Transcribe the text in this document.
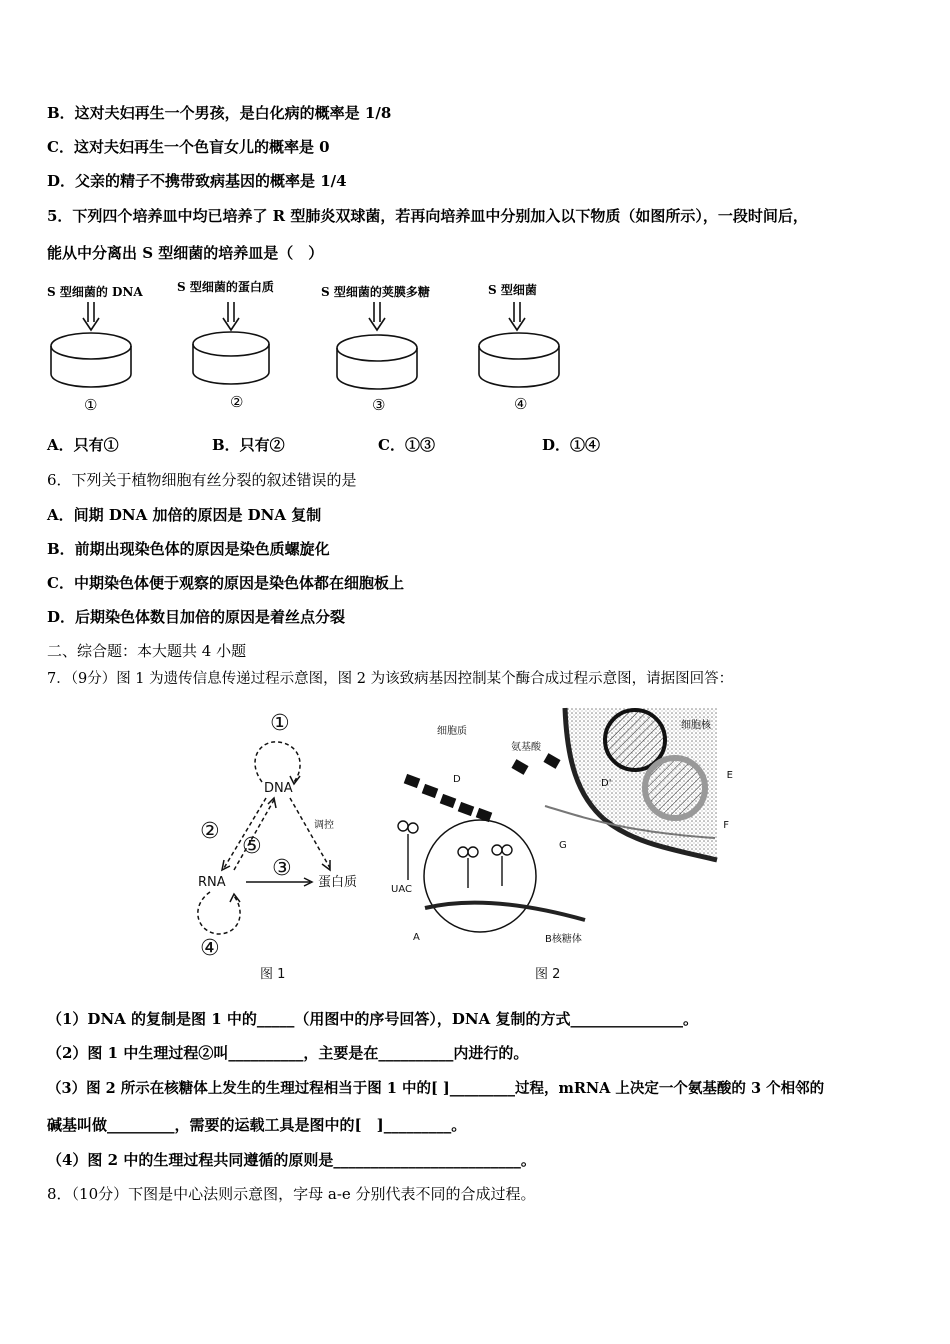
B．这对夫妇再生一个男孩，是白化病的概率是 1/8
C．这对夫妇再生一个色盲女儿的概率是 0
D．父亲的精子不携带致病基因的概率是 1/4
5．下列四个培养皿中均已培养了 R 型肺炎双球菌，若再向培养皿中分别加入以下物质（如图所示），一段时间后，
能从中分离出 S 型细菌的培养皿是（　）
S 型细菌的 DNA	S 型细菌的蛋白质	S 型细菌的荚膜多糖	S 型细菌
①	②	③	④
A．只有①	B．只有②	C．①③	D．①④
6．下列关于植物细胞有丝分裂的叙述错误的是
A．间期 DNA 加倍的原因是 DNA 复制
B．前期出现染色体的原因是染色质螺旋化
C．中期染色体便于观察的原因是染色体都在细胞板上
D．后期染色体数目加倍的原因是着丝点分裂
二、综合题：本大题共 4 小题
7．（9分）图 1 为遗传信息传递过程示意图，图 2 为该致病基因控制某个酶合成过程示意图，请据图回答：
①
DNA
②
⑤
③
调控
RNA	蛋白质
④
图 1
细胞质
氨基酸
细胞核
D	D'
E
F
G
A
UAC
B核糖体
图 2
（1）DNA 的复制是图 1 中的_____（用图中的序号回答），DNA 复制的方式_______________。
（2）图 1 中生理过程②叫__________，主要是在__________内进行的。
（3）图 2 所示在核糖体上发生的生理过程相当于图 1 中的[ ]_________过程，mRNA 上决定一个氨基酸的 3 个相邻的
碱基叫做_________，需要的运载工具是图中的[　]_________。
（4）图 2 中的生理过程共同遵循的原则是_________________________。
8．（10分）下图是中心法则示意图，字母 a-e 分别代表不同的合成过程。
